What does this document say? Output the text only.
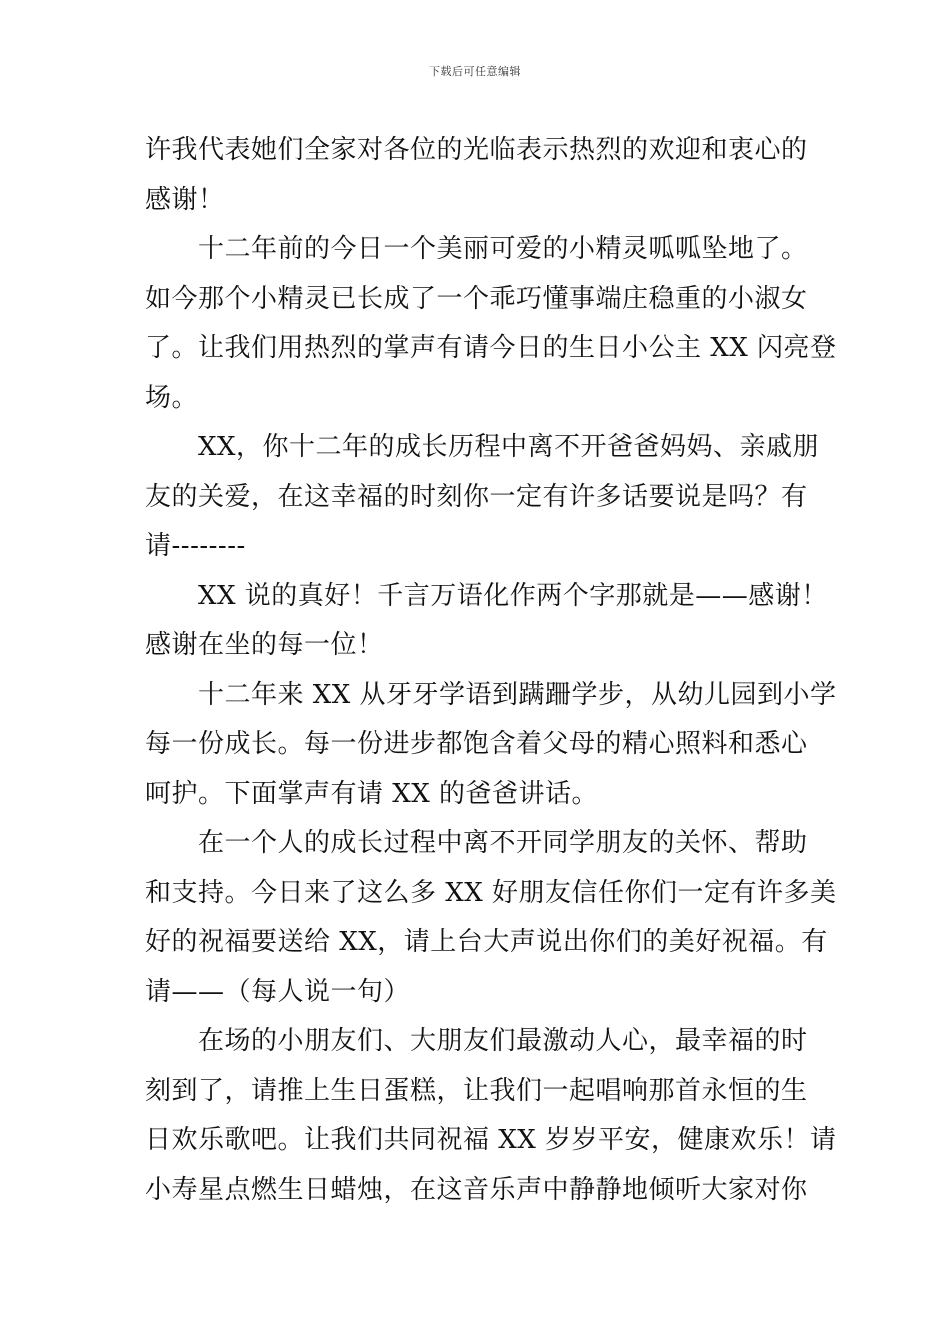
下载后可任意编辑
许我代表她们全家对各位的光临表示热烈的欢迎和衷心的
感谢！
十二年前的今日一个美丽可爱的小精灵呱呱坠地了。
如今那个小精灵已长成了一个乖巧懂事端庄稳重的小淑女
了。让我们用热烈的掌声有请今日的生日小公主 XX 闪亮登
场。
XX，你十二年的成长历程中离不开爸爸妈妈、亲戚朋
友的关爱，在这幸福的时刻你一定有许多话要说是吗？有
请--------
XX 说的真好！千言万语化作两个字那就是——感谢！
感谢在坐的每一位！
十二年来 XX 从牙牙学语到蹒跚学步，从幼儿园到小学
每一份成长。每一份进步都饱含着父母的精心照料和悉心
呵护。下面掌声有请 XX 的爸爸讲话。
在一个人的成长过程中离不开同学朋友的关怀、帮助
和支持。今日来了这么多 XX 好朋友信任你们一定有许多美
好的祝福要送给 XX，请上台大声说出你们的美好祝福。有
请——（每人说一句）
在场的小朋友们、大朋友们最激动人心，最幸福的时
刻到了，请推上生日蛋糕，让我们一起唱响那首永恒的生
日欢乐歌吧。让我们共同祝福 XX 岁岁平安，健康欢乐！请
小寿星点燃生日蜡烛，在这音乐声中静静地倾听大家对你
